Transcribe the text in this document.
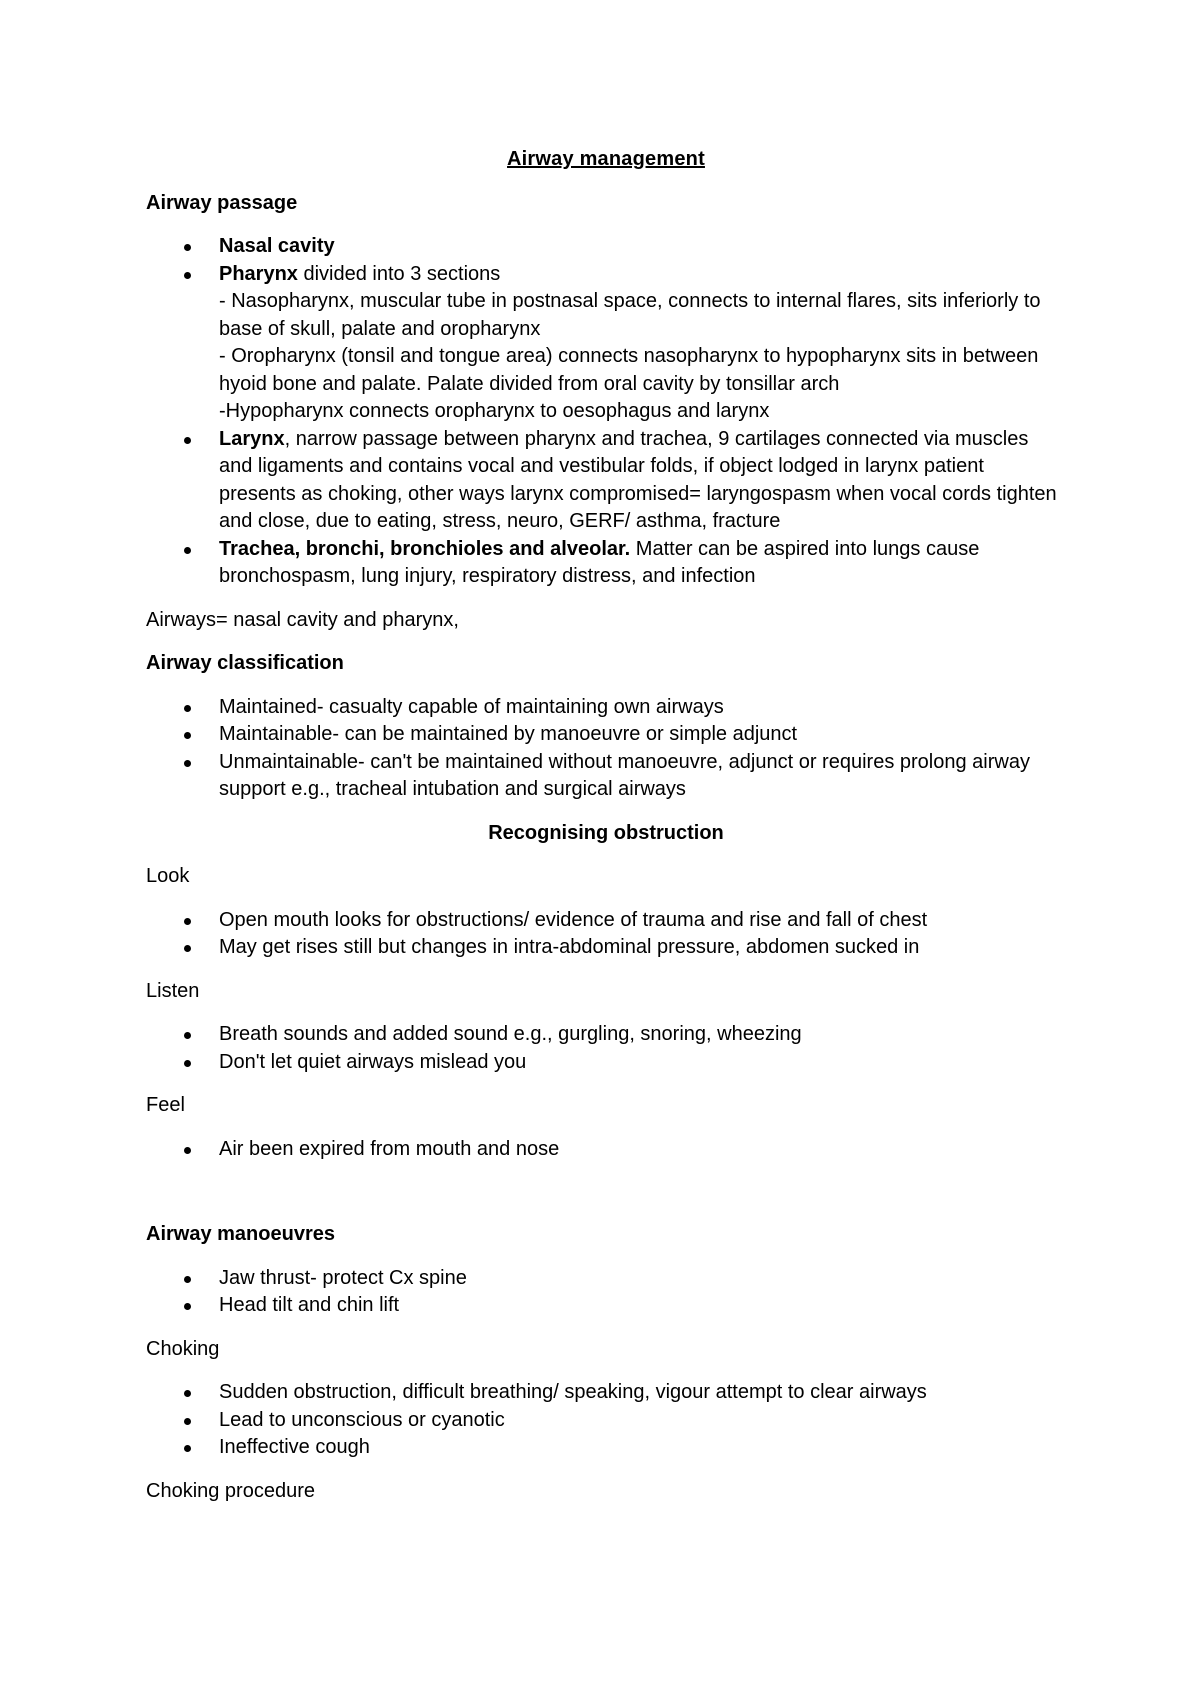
Airway management
Airway passage
Nasal cavity
Pharynx divided into 3 sections
- Nasopharynx, muscular tube in postnasal space, connects to internal flares, sits inferiorly to base of skull, palate and oropharynx
- Oropharynx (tonsil and tongue area) connects nasopharynx to hypopharynx sits in between hyoid bone and palate. Palate divided from oral cavity by tonsillar arch
-Hypopharynx connects oropharynx to oesophagus and larynx
Larynx, narrow passage between pharynx and trachea, 9 cartilages connected via muscles and ligaments and contains vocal and vestibular folds, if object lodged in larynx patient presents as choking, other ways larynx compromised= laryngospasm when vocal cords tighten and close, due to eating, stress, neuro, GERF/ asthma, fracture
Trachea, bronchi, bronchioles and alveolar. Matter can be aspired into lungs cause bronchospasm, lung injury, respiratory distress, and infection
Airways= nasal cavity and pharynx,
Airway classification
Maintained- casualty capable of maintaining own airways
Maintainable- can be maintained by manoeuvre or simple adjunct
Unmaintainable- can't be maintained without manoeuvre, adjunct or requires prolong airway support e.g., tracheal intubation and surgical airways
Recognising obstruction
Look
Open mouth looks for obstructions/ evidence of trauma and rise and fall of chest
May get rises still but changes in intra-abdominal pressure, abdomen sucked in
Listen
Breath sounds and added sound e.g., gurgling, snoring, wheezing
Don't let quiet airways mislead you
Feel
Air been expired from mouth and nose
Airway manoeuvres
Jaw thrust- protect Cx spine
Head tilt and chin lift
Choking
Sudden obstruction, difficult breathing/ speaking, vigour attempt to clear airways
Lead to unconscious or cyanotic
Ineffective cough
Choking procedure
